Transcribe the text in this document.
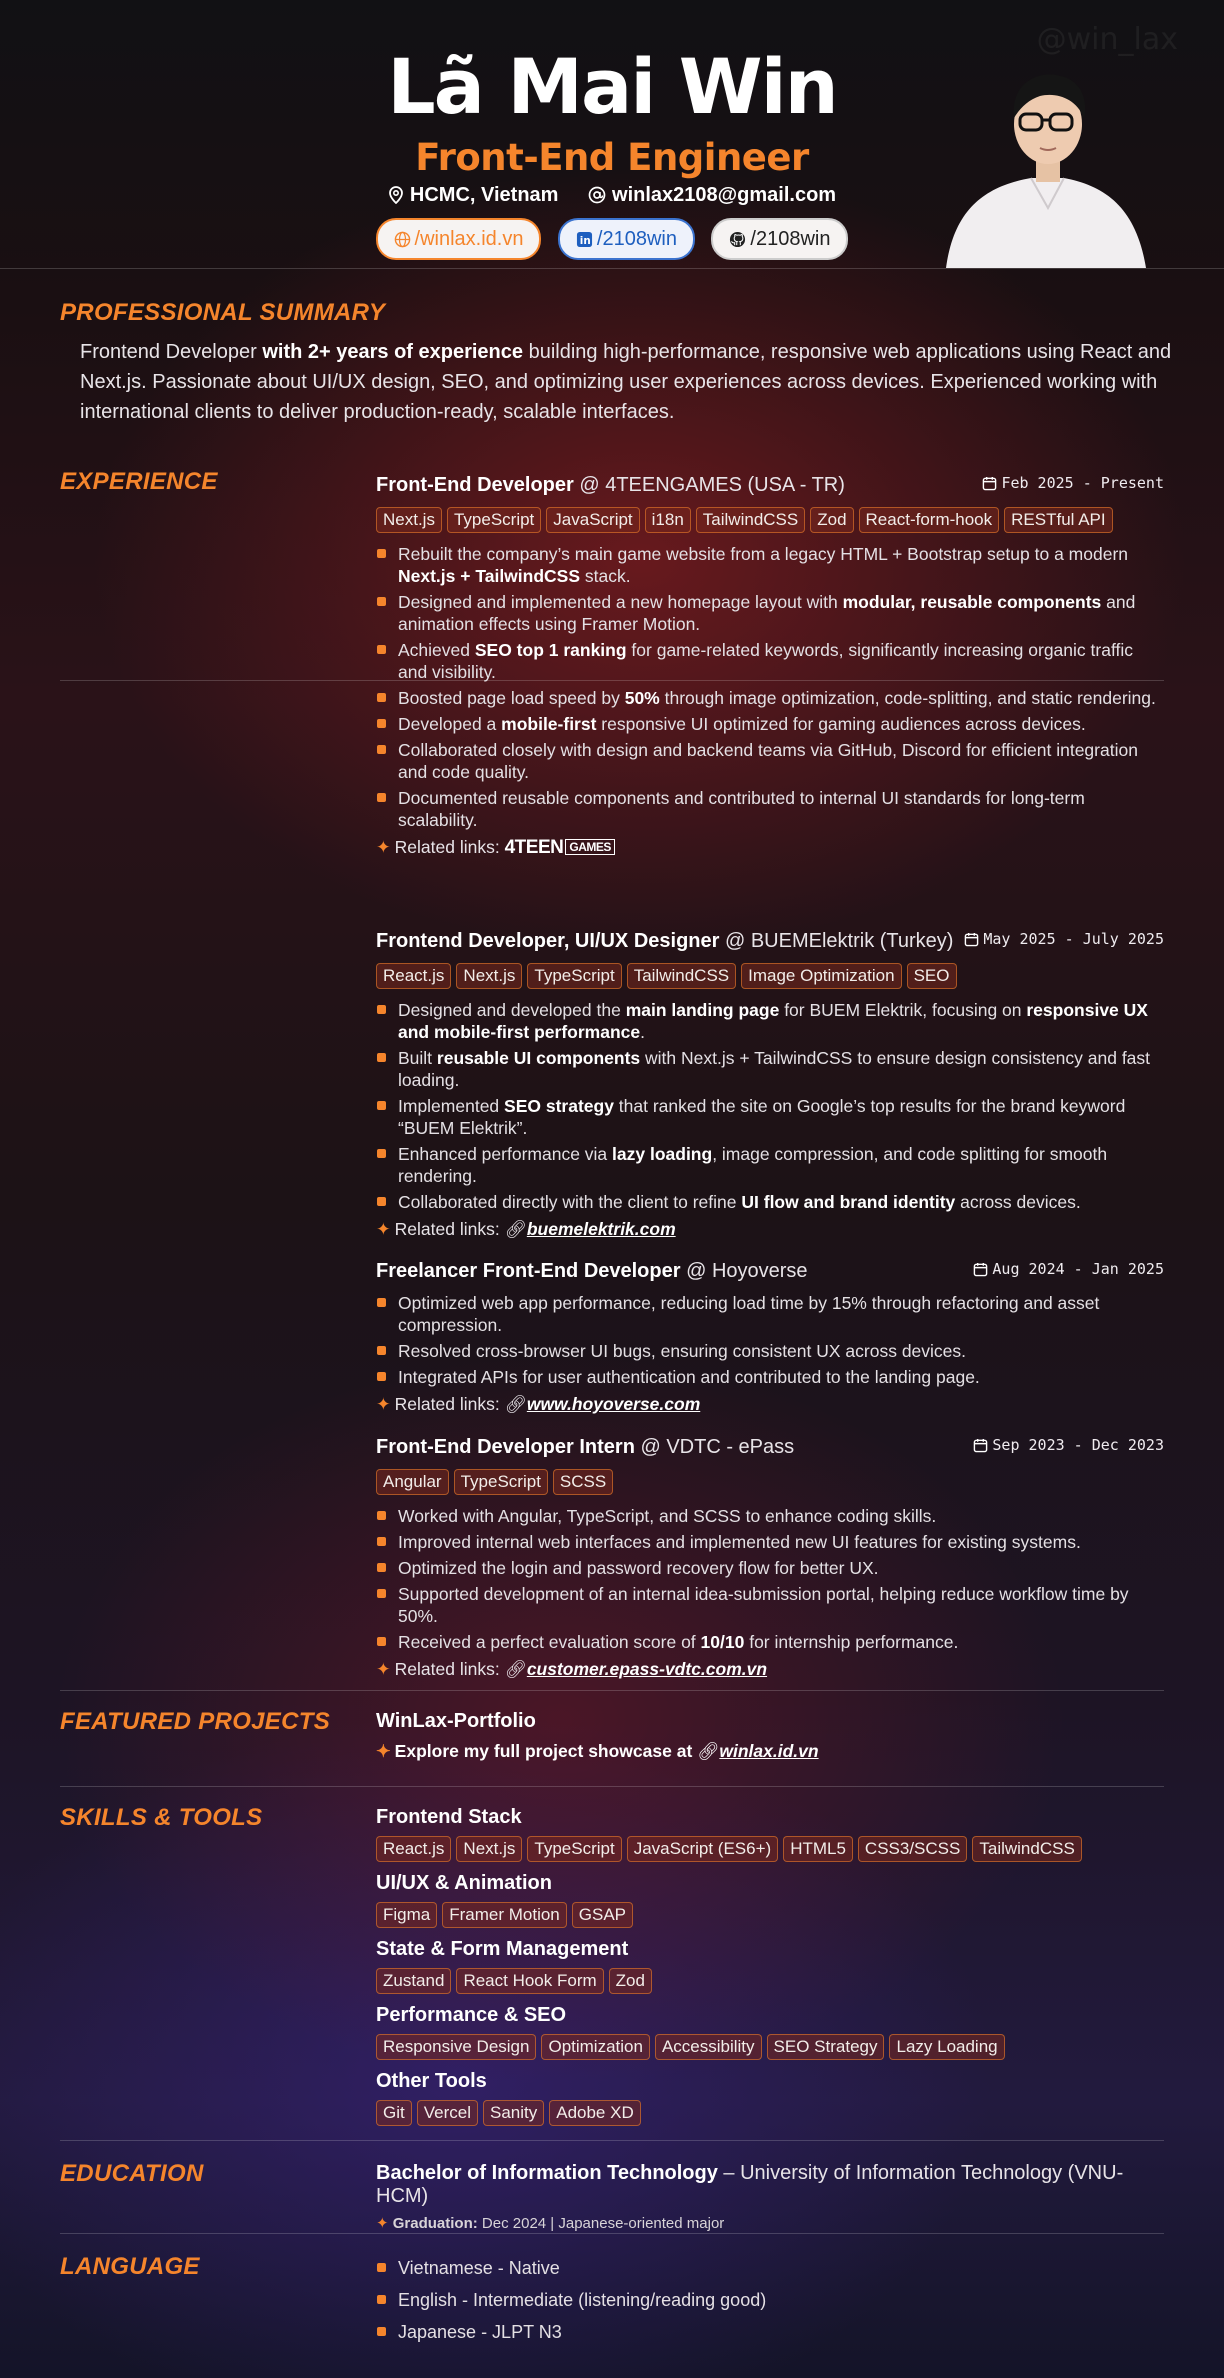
@win_lax
Lã Mai Win
Front-End Engineer
HCMC, Vietnam	winlax2108@gmail.com
/winlax.id.vn	in /2108win	/2108win
PROFESSIONAL SUMMARY

Frontend Developer with 2+ years of experience building high-performance, responsive web applications using React and Next.js. Passionate about UI/UX design, SEO, and optimizing user experiences across devices. Experienced working with international clients to deliver production-ready, scalable interfaces.

EXPERIENCE	Front-End Developer @ 4TEENGAMES (USA - TR)	Feb 2025 - Present
Next.js TypeScript JavaScript i18n TailwindCSS Zod React-form-hook RESTful API
Rebuilt the company’s main game website from a legacy HTML + Bootstrap setup to a modern Next.js + TailwindCSS stack.
Designed and implemented a new homepage layout with modular, reusable components and animation effects using Framer Motion.
Achieved SEO top 1 ranking for game-related keywords, significantly increasing organic traffic and visibility.
Boosted page load speed by 50% through image optimization, code-splitting, and static rendering.
Developed a mobile-first responsive UI optimized for gaming audiences across devices.
Collaborated closely with design and backend teams via GitHub, Discord for efficient integration and code quality.
Documented reusable components and contributed to internal UI standards for long-term scalability.
✦ Related links: 4TEEN GAMES
Frontend Developer, UI/UX Designer @ BUEMElektrik (Turkey)	May 2025 - July 2025
React.js Next.js TypeScript TailwindCSS Image Optimization SEO
Designed and developed the main landing page for BUEM Elektrik, focusing on responsive UX and mobile-first performance.
Built reusable UI components with Next.js + TailwindCSS to ensure design consistency and fast loading.
Implemented SEO strategy that ranked the site on Google’s top results for the brand keyword “BUEM Elektrik”.
Enhanced performance via lazy loading, image compression, and code splitting for smooth rendering.
Collaborated directly with the client to refine UI flow and brand identity across devices.
✦ Related links: 🔗︎buemelektrik.com
Freelancer Front-End Developer @ Hoyoverse	Aug 2024 - Jan 2025
Optimized web app performance, reducing load time by 15% through refactoring and asset compression.
Resolved cross-browser UI bugs, ensuring consistent UX across devices.
Integrated APIs for user authentication and contributed to the landing page.
✦ Related links: 🔗︎www.hoyoverse.com
Front-End Developer Intern @ VDTC - ePass	Sep 2023 - Dec 2023
Angular TypeScript SCSS
Worked with Angular, TypeScript, and SCSS to enhance coding skills.
Improved internal web interfaces and implemented new UI features for existing systems.
Optimized the login and password recovery flow for better UX.
Supported development of an internal idea-submission portal, helping reduce workflow time by 50%.
Received a perfect evaluation score of 10/10 for internship performance.
✦ Related links: 🔗︎customer.epass-vdtc.com.vn
FEATURED PROJECTS WinLax-Portfolio
✦ Explore my full project showcase at 🔗︎winlax.id.vn
SKILLS & TOOLS	Frontend Stack
React.js Next.js TypeScript JavaScript (ES6+) HTML5 CSS3/SCSS TailwindCSS
UI/UX & Animation
Figma Framer Motion GSAP
State & Form Management
Zustand React Hook Form Zod
Performance & SEO
Responsive Design Optimization Accessibility SEO Strategy Lazy Loading
Other Tools
Git Vercel Sanity Adobe XD
EDUCATION	Bachelor of Information Technology – University of Information Technology (VNU-HCM)
✦ Graduation: Dec 2024 | Japanese-oriented major
LANGUAGE	Vietnamese - Native
English - Intermediate (listening/reading good)
Japanese - JLPT N3
